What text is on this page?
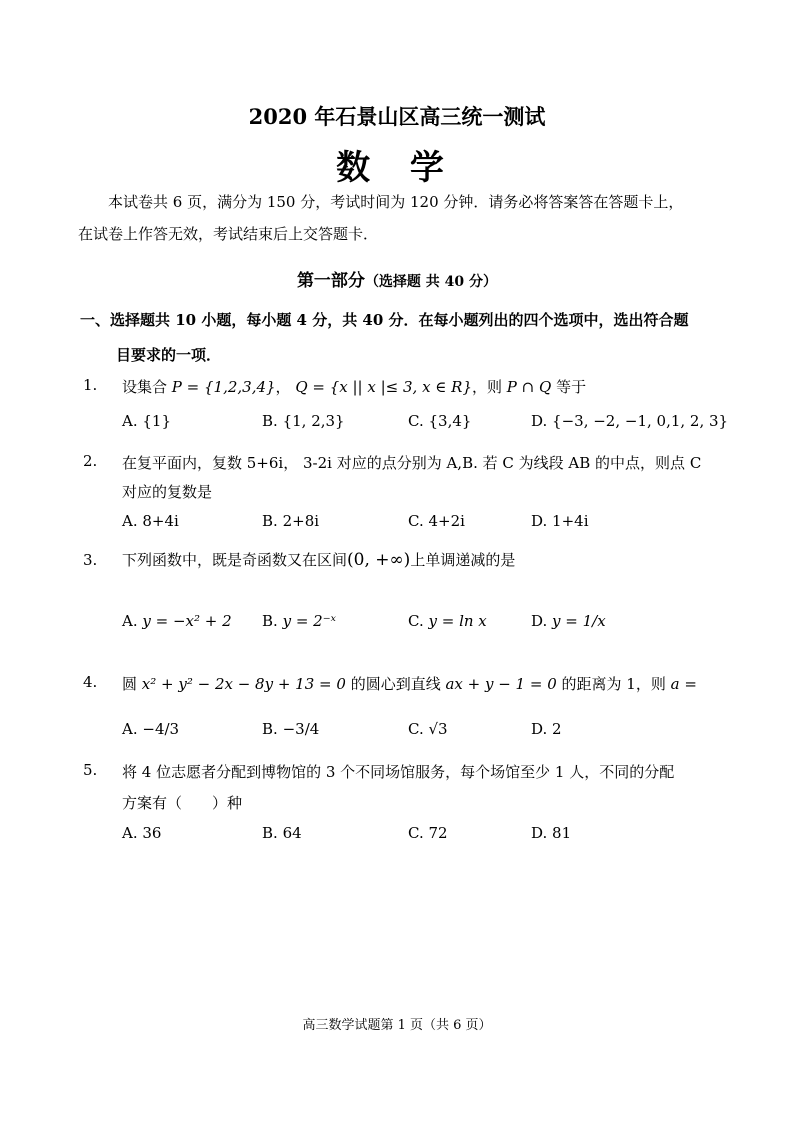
2020 年石景山区高三统一测试
数 学

本试卷共 6 页，满分为 150 分，考试时间为 120 分钟．请务必将答案答在答题卡上，

在试卷上作答无效，考试结束后上交答题卡．

第一部分（选择题 共 40 分）
一、选择题共 10 小题，每小题 4 分，共 40 分．在每小题列出的四个选项中，选出符合题
目要求的一项．
1. 设集合 P = {1,2,3,4}， Q = {x || x |≤ 3, x ∈ R}，则 P ∩ Q 等于
A. {1}	B. {1, 2,3}	C. {3,4}	D. {−3, −2, −1, 0,1, 2, 3}
2. 在复平面内，复数 5+6i， 3-2i 对应的点分别为 A,B. 若 C 为线段 AB 的中点，则点 C
对应的复数是
A. 8+4i	B. 2+8i	C. 4+2i	D. 1+4i
3. 下列函数中，既是奇函数又在区间(0, +∞)上单调递减的是
A. y = −x² + 2 B. y = 2⁻ˣ	C. y = ln x	D. y = 1/x
4. 圆 x² + y² − 2x − 8y + 13 = 0 的圆心到直线 ax + y − 1 = 0 的距离为 1，则 a =
A. −4/3	B. −3/4	C. √3	D. 2
5. 将 4 位志愿者分配到博物馆的 3 个不同场馆服务，每个场馆至少 1 人，不同的分配
方案有（　　）种
A. 36	B. 64	C. 72	D. 81
高三数学试题第 1 页（共 6 页）
